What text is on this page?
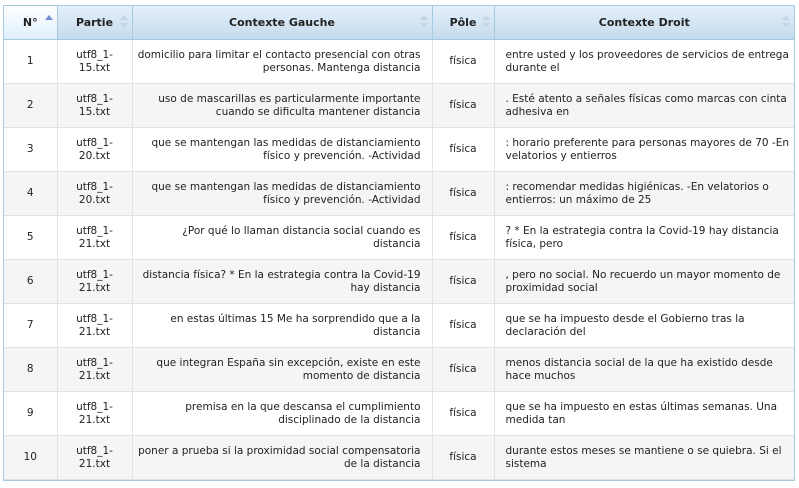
N°	Partie	Contexte Gauche	Pôle	Contexte Droit

1	utf8_1-15.txt	domicilio para limitar el contacto presencial con otras personas. Mantenga distancia	física	entre usted y los proveedores de servicios de entrega durante el
2	utf8_1-15.txt	uso de mascarillas es particularmente importante cuando se dificulta mantener distancia	física	. Esté atento a señales físicas como marcas con cinta adhesiva en
3	utf8_1-20.txt	que se mantengan las medidas de distanciamiento físico y prevención. -Actividad	física	: horario preferente para personas mayores de 70 -En velatorios y entierros
4	utf8_1-20.txt	que se mantengan las medidas de distanciamiento físico y prevención. -Actividad	física	: recomendar medidas higiénicas. -En velatorios o entierros: un máximo de 25
5	utf8_1-21.txt	¿Por qué lo llaman distancia social cuando es distancia	física	? * En la estrategia contra la Covid-19 hay distancia física, pero
6	utf8_1-21.txt	distancia física? * En la estrategia contra la Covid-19 hay distancia	física	, pero no social. No recuerdo un mayor momento de proximidad social
7	utf8_1-21.txt	en estas últimas 15 Me ha sorprendido que a la distancia	física	que se ha impuesto desde el Gobierno tras la declaración del
8	utf8_1-21.txt	que integran España sin excepción, existe en este momento de distancia	física	menos distancia social de la que ha existido desde hace muchos
9	utf8_1-21.txt	premisa en la que descansa el cumplimiento disciplinado de la distancia	física	que se ha impuesto en estas últimas semanas. Una medida tan
10	utf8_1-21.txt	poner a prueba si la proximidad social compensatoria de la distancia	física	durante estos meses se mantiene o se quiebra. Si el sistema
